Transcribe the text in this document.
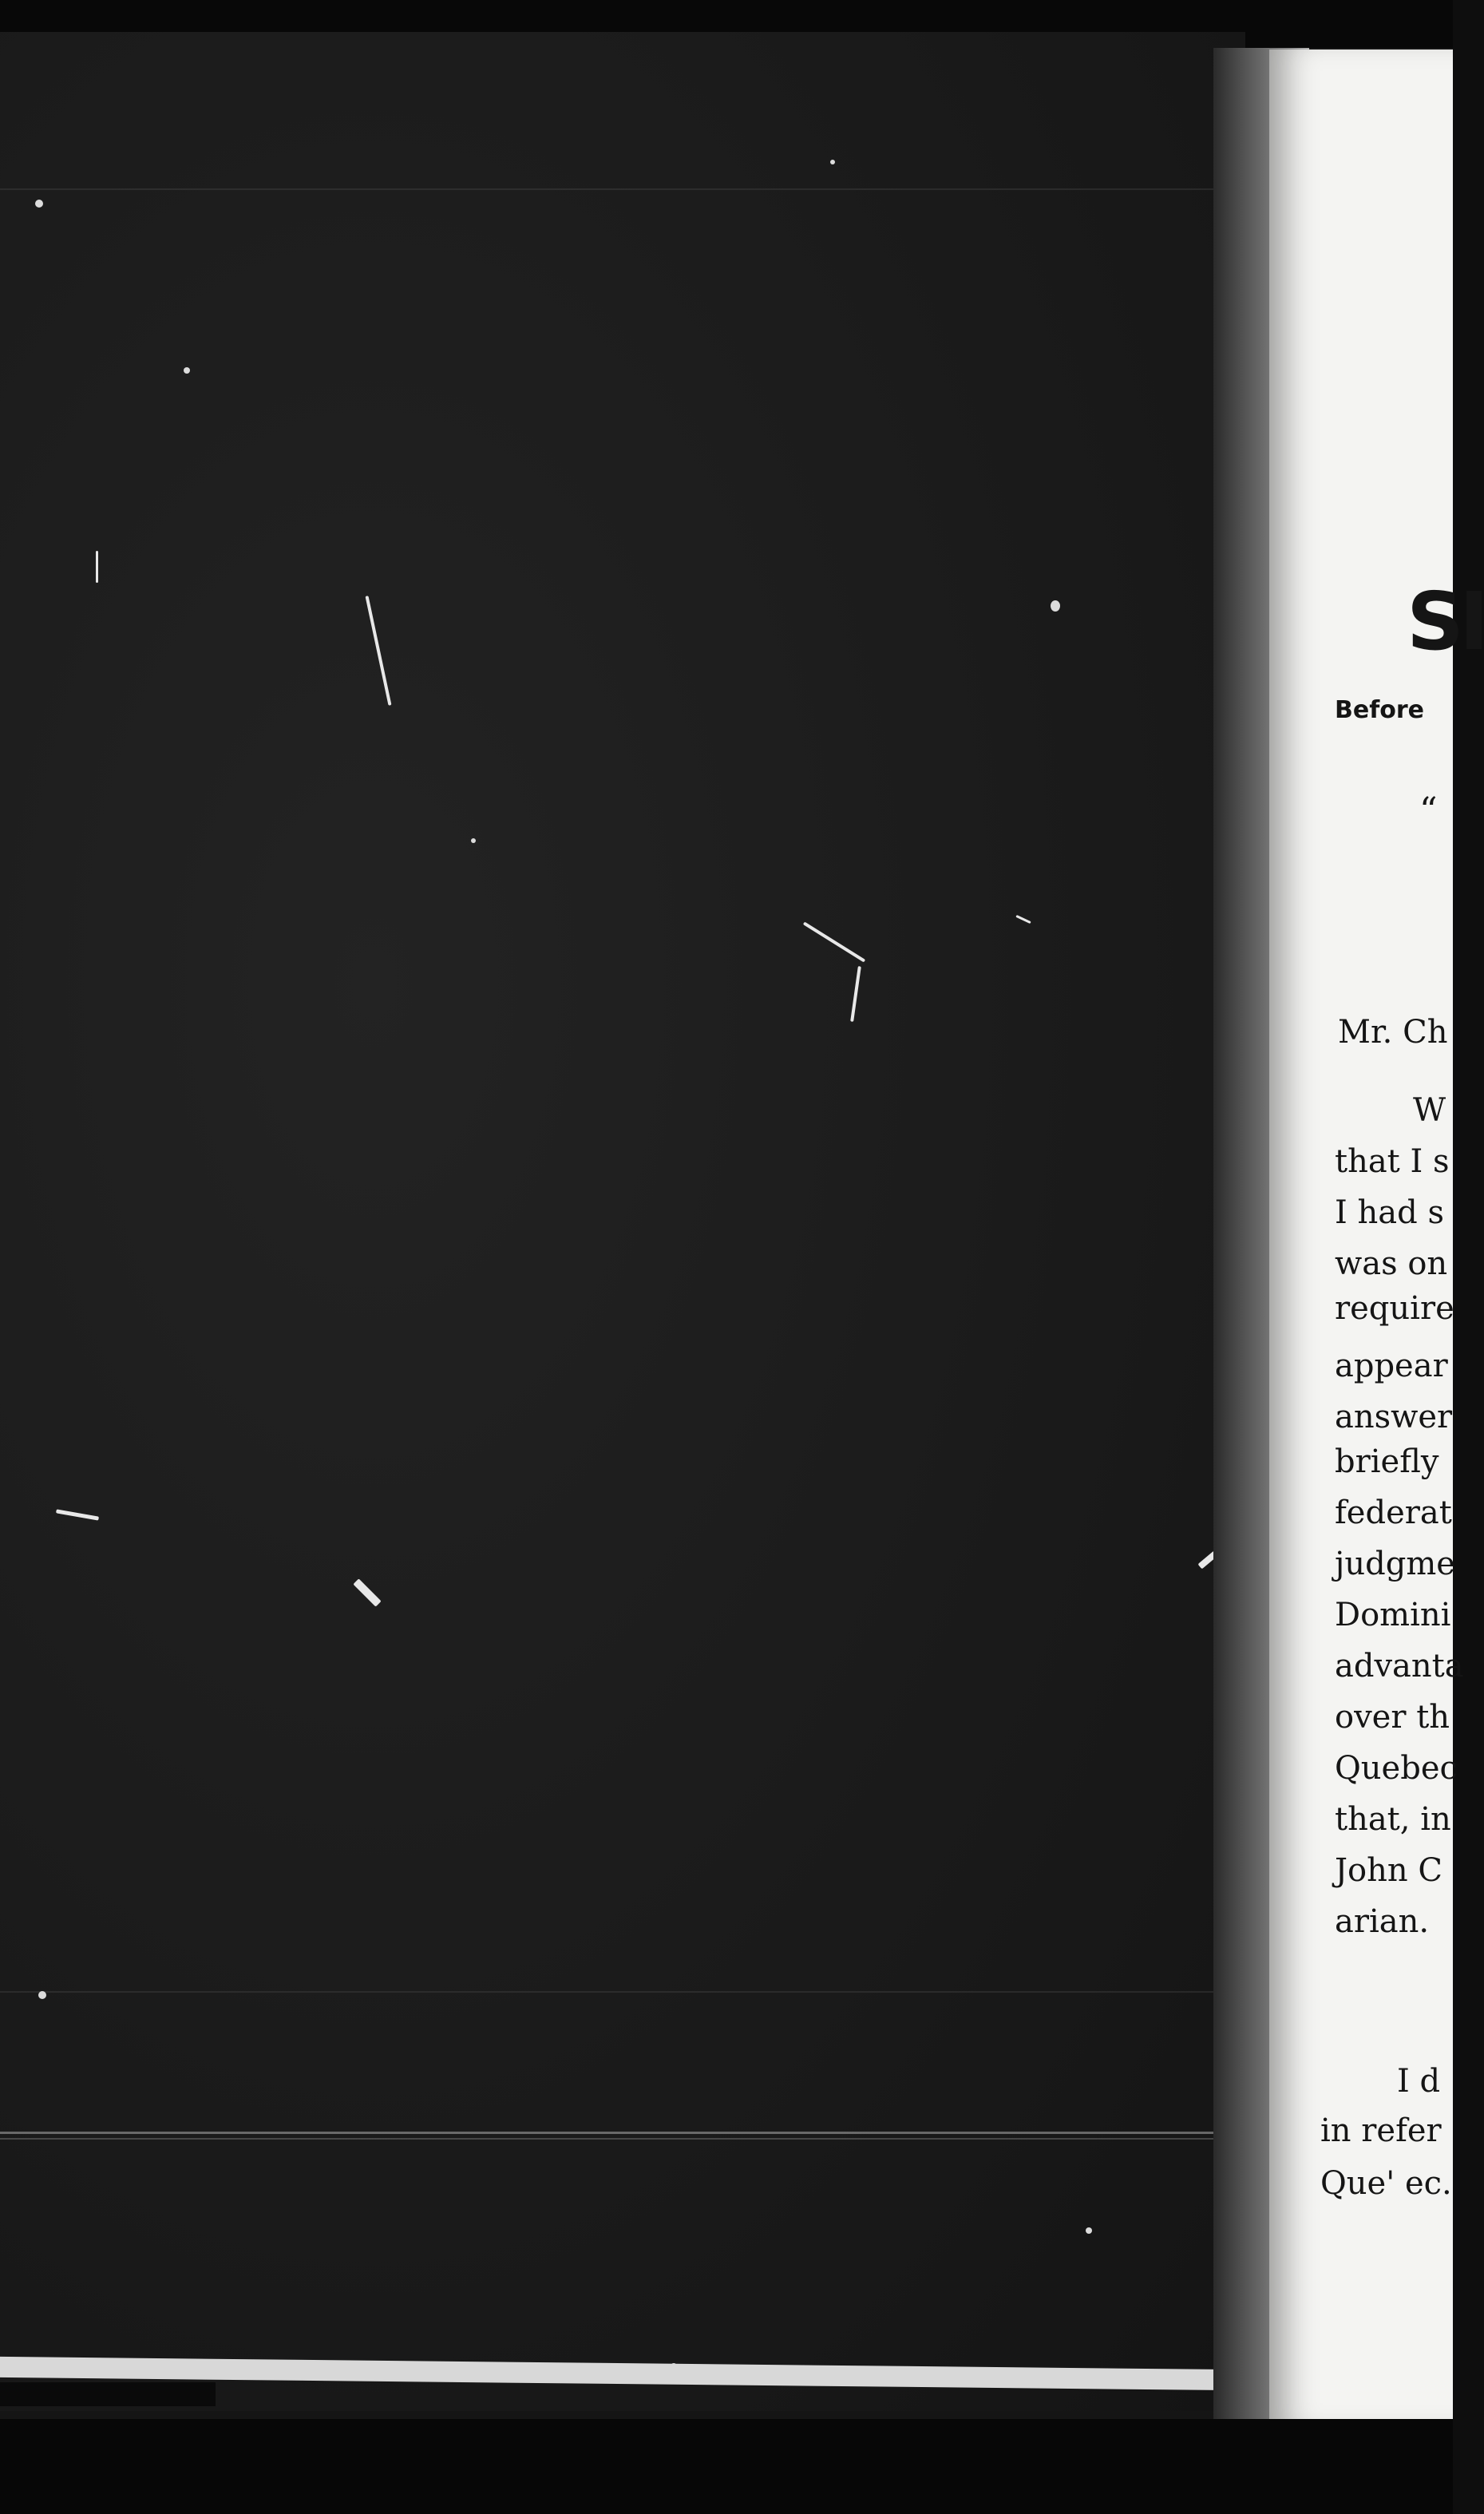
SI
Before
“
Mr. Ch
W
that I s
I had s
was on
require
appear
answer
briefly
federat
judgme
Domini
advanta
over th
Quebec
that, in
John C
arian.
I d
in refer
Que' ec.
